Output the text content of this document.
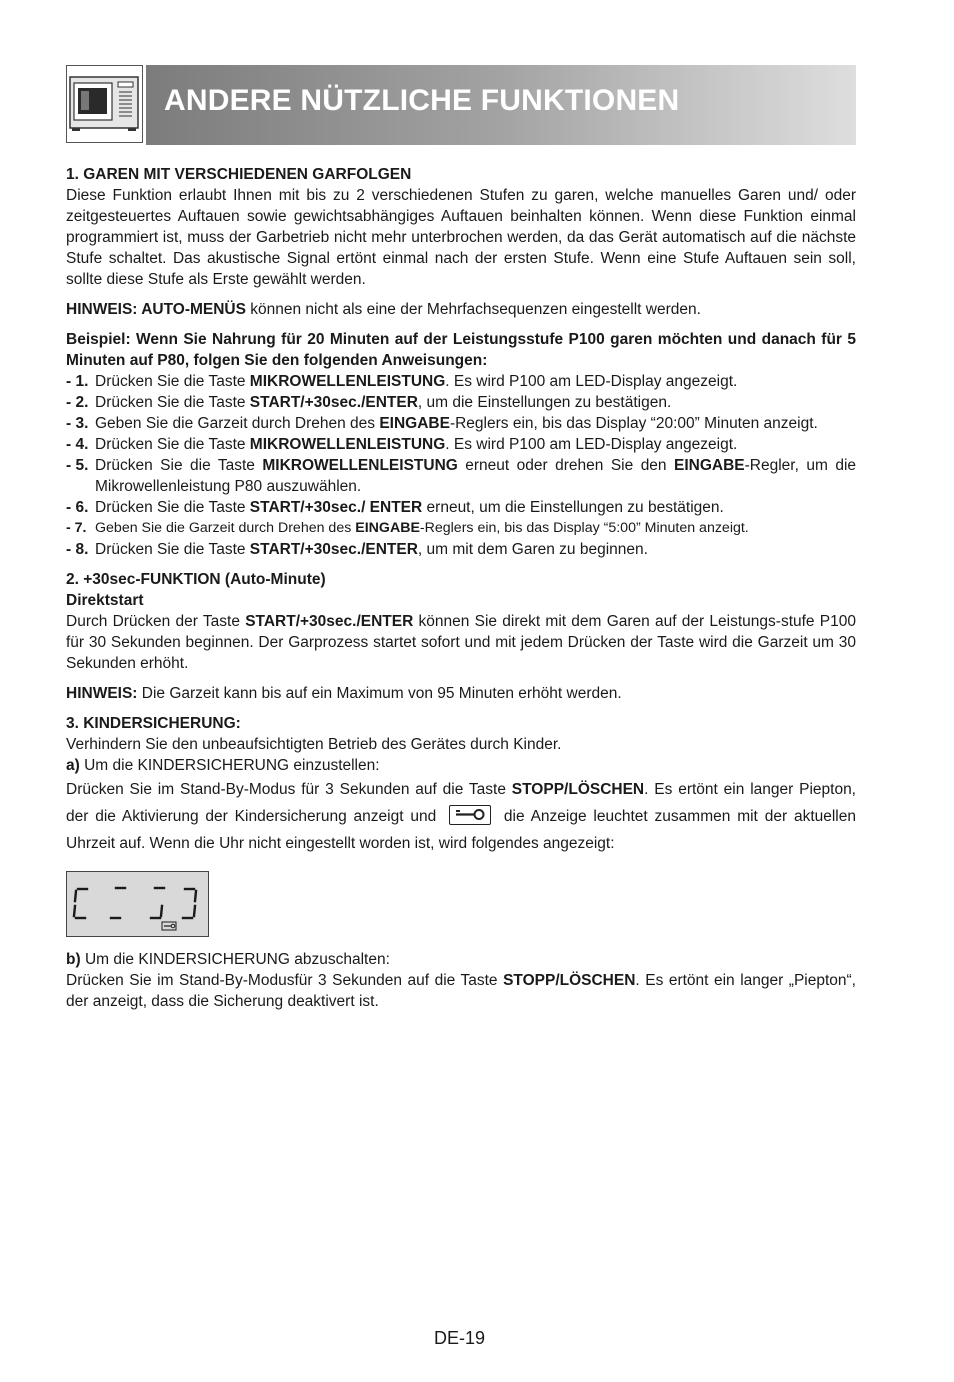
ANDERE NÜTZLICHE FUNKTIONEN

1. GAREN MIT VERSCHIEDENEN GARFOLGEN

Diese Funktion erlaubt Ihnen mit bis zu 2 verschiedenen Stufen zu garen, welche manuelles Garen und/ oder zeitgesteuertes Auftauen sowie gewichtsabhängiges Auftauen beinhalten können. Wenn diese Funktion einmal programmiert ist, muss der Garbetrieb nicht mehr unterbrochen werden, da das Gerät automatisch auf die nächste Stufe schaltet. Das akustische Signal ertönt einmal nach der ersten Stufe. Wenn eine Stufe Auftauen sein soll, sollte diese Stufe als Erste gewählt werden.

HINWEIS: AUTO-MENÜS können nicht als eine der Mehrfachsequenzen eingestellt werden.

Beispiel: Wenn Sie Nahrung für 20 Minuten auf der Leistungsstufe P100 garen möchten und danach für 5 Minuten auf P80, folgen Sie den folgenden Anweisungen:

- 1. Drücken Sie die Taste MIKROWELLENLEISTUNG. Es wird P100 am LED-Display angezeigt.
- 2. Drücken Sie die Taste START/+30sec./ENTER, um die Einstellungen zu bestätigen.
- 3. Geben Sie die Garzeit durch Drehen des EINGABE-Reglers ein, bis das Display “20:00” Minuten anzeigt.
- 4. Drücken Sie die Taste MIKROWELLENLEISTUNG. Es wird P100 am LED-Display angezeigt.
- 5. Drücken Sie die Taste MIKROWELLENLEISTUNG erneut oder drehen Sie den EINGABE-Regler, um die Mikrowellenleistung P80 auszuwählen.
- 6. Drücken Sie die Taste START/+30sec./ ENTER erneut, um die Einstellungen zu bestätigen.
- 7. Geben Sie die Garzeit durch Drehen des EINGABE-Reglers ein, bis das Display “5:00” Minuten anzeigt.
- 8. Drücken Sie die Taste START/+30sec./ENTER, um mit dem Garen zu beginnen.

2. +30sec-FUNKTION (Auto-Minute)

Direktstart

Durch Drücken der Taste START/+30sec./ENTER können Sie direkt mit dem Garen auf der Leistungs-stufe P100 für 30 Sekunden beginnen. Der Garprozess startet sofort und mit jedem Drücken der Taste wird die Garzeit um 30 Sekunden erhöht.

HINWEIS: Die Garzeit kann bis auf ein Maximum von 95 Minuten erhöht werden.

3. KINDERSICHERUNG:

Verhindern Sie den unbeaufsichtigten Betrieb des Gerätes durch Kinder.

a) Um die KINDERSICHERUNG einzustellen:

Drücken Sie im Stand-By-Modus für 3 Sekunden auf die Taste STOPP/LÖSCHEN. Es ertönt ein langer Piepton, der die Aktivierung der Kindersicherung anzeigt und	die Anzeige leuchtet zusammen mit der aktuellen Uhrzeit auf. Wenn die Uhr nicht eingestellt worden ist, wird folgendes angezeigt:

b) Um die KINDERSICHERUNG abzuschalten:

Drücken Sie im Stand-By-Modusfür 3 Sekunden auf die Taste STOPP/LÖSCHEN. Es ertönt ein langer „Piepton“, der anzeigt, dass die Sicherung deaktivert ist.

DE-19
